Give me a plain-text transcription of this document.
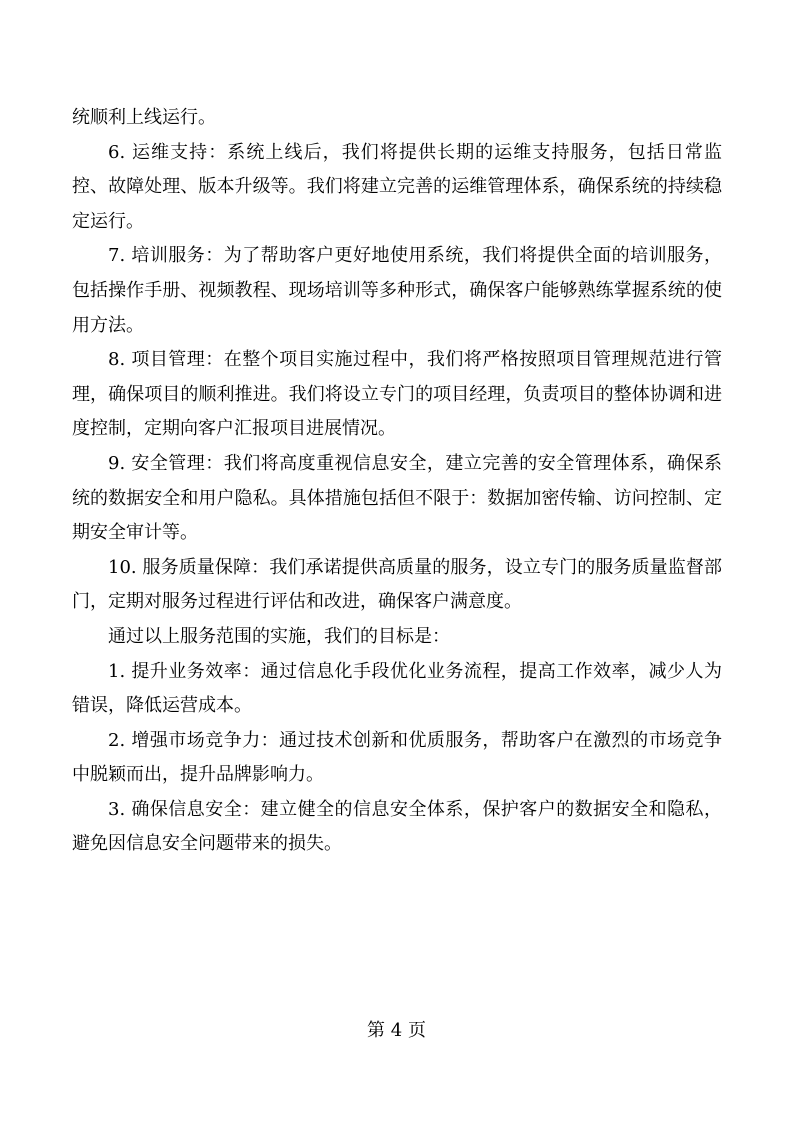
统顺利上线运行。

6. 运维支持：系统上线后，我们将提供长期的运维支持服务，包括日常监控、故障处理、版本升级等。我们将建立完善的运维管理体系，确保系统的持续稳定运行。

7. 培训服务：为了帮助客户更好地使用系统，我们将提供全面的培训服务，包括操作手册、视频教程、现场培训等多种形式，确保客户能够熟练掌握系统的使用方法。

8. 项目管理：在整个项目实施过程中，我们将严格按照项目管理规范进行管理，确保项目的顺利推进。我们将设立专门的项目经理，负责项目的整体协调和进度控制，定期向客户汇报项目进展情况。

9. 安全管理：我们将高度重视信息安全，建立完善的安全管理体系，确保系统的数据安全和用户隐私。具体措施包括但不限于：数据加密传输、访问控制、定期安全审计等。

10. 服务质量保障：我们承诺提供高质量的服务，设立专门的服务质量监督部门，定期对服务过程进行评估和改进，确保客户满意度。

通过以上服务范围的实施，我们的目标是：

1. 提升业务效率：通过信息化手段优化业务流程，提高工作效率，减少人为错误，降低运营成本。

2. 增强市场竞争力：通过技术创新和优质服务，帮助客户在激烈的市场竞争中脱颖而出，提升品牌影响力。

3. 确保信息安全：建立健全的信息安全体系，保护客户的数据安全和隐私，避免因信息安全问题带来的损失。

第 4 页
